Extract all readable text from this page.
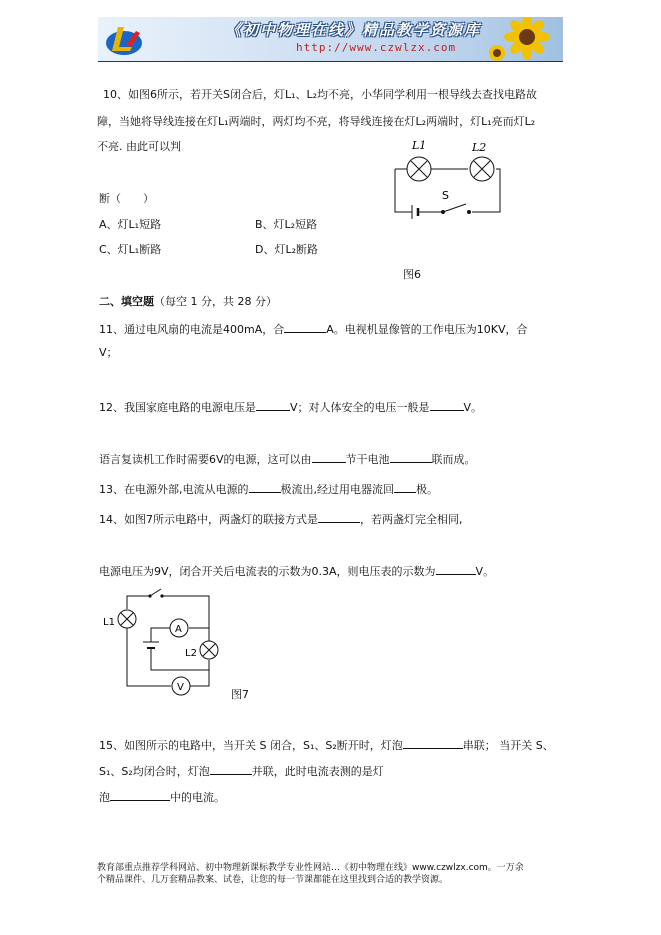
《初中物理在线》精品教学资源库
http://www.czwlzx.com
10、如图6所示，若开关S闭合后，灯L₁、L₂均不亮，小华同学利用一根导线去查找电路故
障，当她将导线连接在灯L₁两端时，两灯均不亮，将导线连接在灯L₂两端时，灯L₁亮而灯L₂
不亮. 由此可以判
断（　　）
A、灯L₁短路	B、灯L₂短路
C、灯L₁断路	D、灯L₂断路
L1	L2
S
图6
二、填空题（每空 1 分，共 28 分）
11、通过电风扇的电流是400mA，合	A。电视机显像管的工作电压为10KV，合
V；
12、我国家庭电路的电源电压是	V；对人体安全的电压一般是	V。
语言复读机工作时需要6V的电源，这可以由	节干电池	联而成。
13、在电源外部,电流从电源的	极流出,经过用电器流回 极。
14、如图7所示电路中，两盏灯的联接方式是	，若两盏灯完全相同,
电源电压为9V，闭合开关后电流表的示数为0.3A，则电压表的示数为	V。
A
V
L1
L2
图7
15、如图所示的电路中，当开关 S 闭合，S₁、S₂断开时，灯泡	串联； 当开关 S、
S₁、S₂均闭合时，灯泡	并联，此时电流表测的是灯
泡	中的电流。
教育部重点推荐学科网站、初中物理新课标教学专业性网站…《初中物理在线》www.czwlzx.com。一万余
个精品课件、几万套精品教案、试卷，让您的每一节课都能在这里找到合适的教学资源。
